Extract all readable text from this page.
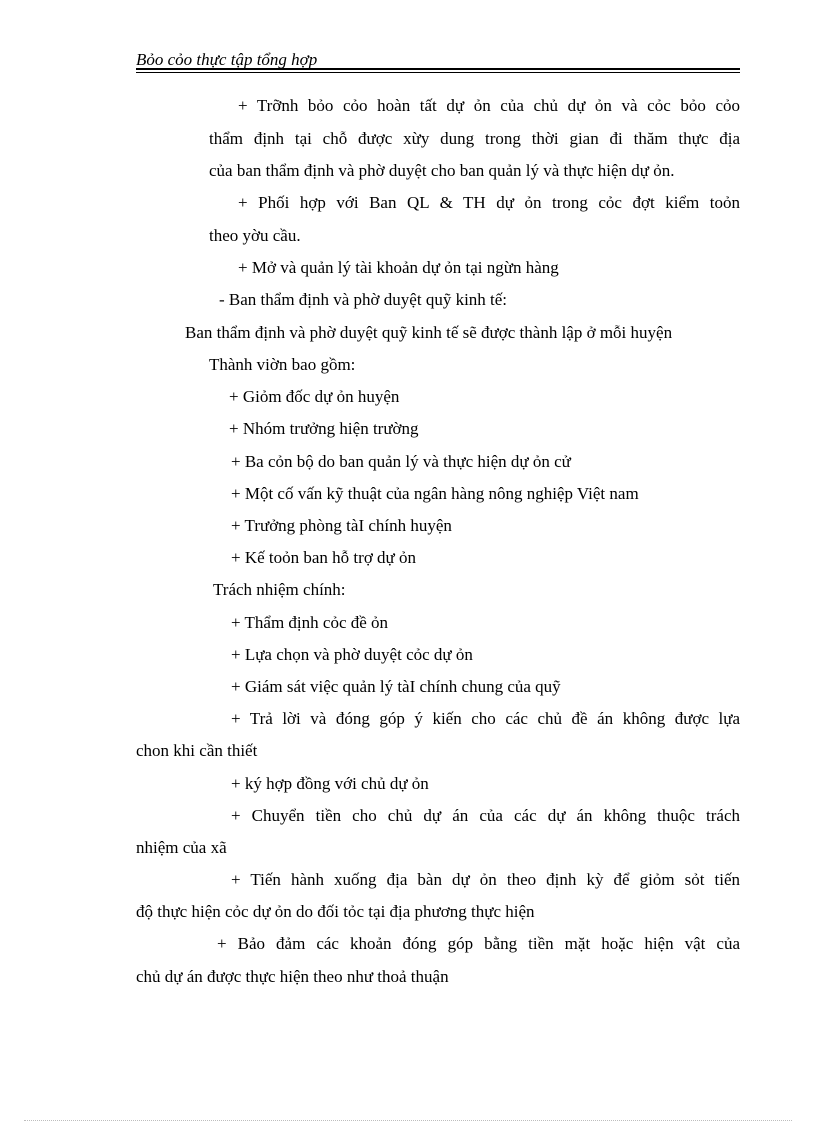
Bỏo cỏo thực tập tổng hợp
+ Trỡnh bỏo cỏo hoàn tất dự ỏn của chủ dự ỏn và cỏc bỏo cỏo
thẩm định tại chỗ được xừy dung trong thời gian đi thăm thực địa
của ban thẩm định và phờ duyệt cho ban quản lý và thực hiện dự ỏn.
+ Phối hợp với Ban QL & TH dự ỏn trong cỏc đợt kiểm toỏn
theo yờu cầu.
+ Mở và quản lý tài khoản dự ỏn tại ngừn hàng
- Ban thẩm định và phờ duyệt quỹ kinh tế:
Ban thẩm định và phờ duyệt quỹ kinh tế sẽ được thành lập ở mỗi huyện
Thành viờn bao gồm:
+ Giỏm đốc dự ỏn huyện
+ Nhóm trưởng hiện trường
+ Ba cỏn bộ do ban quản lý và thực hiện dự ỏn cử
+ Một cố vấn kỹ thuật của ngân hàng nông nghiệp Việt nam
+ Trưởng phòng tàI chính huyện
+ Kế toỏn ban hỗ trợ dự ỏn
Trách nhiệm chính:
+ Thẩm định cỏc đề ỏn
+ Lựa chọn và phờ duyệt cỏc dự ỏn
+ Giám sát việc quản lý tàI chính chung của quỹ
+ Trả lời và đóng góp ý kiến cho các chủ đề án không được lựa
chon khi cần thiết
+ ký hợp đồng với chủ dự ỏn
+ Chuyển tiền cho chủ dự án của các dự án không thuộc trách
nhiệm của xã
+ Tiến hành xuống địa bàn dự ỏn theo định kỳ để giỏm sỏt tiến
độ thực hiện cỏc dự ỏn do đối tỏc tại địa phương thực hiện
+ Bảo đảm các khoản đóng góp bằng tiền mặt hoặc hiện vật của
chủ dự án được thực hiện theo như thoả thuận
